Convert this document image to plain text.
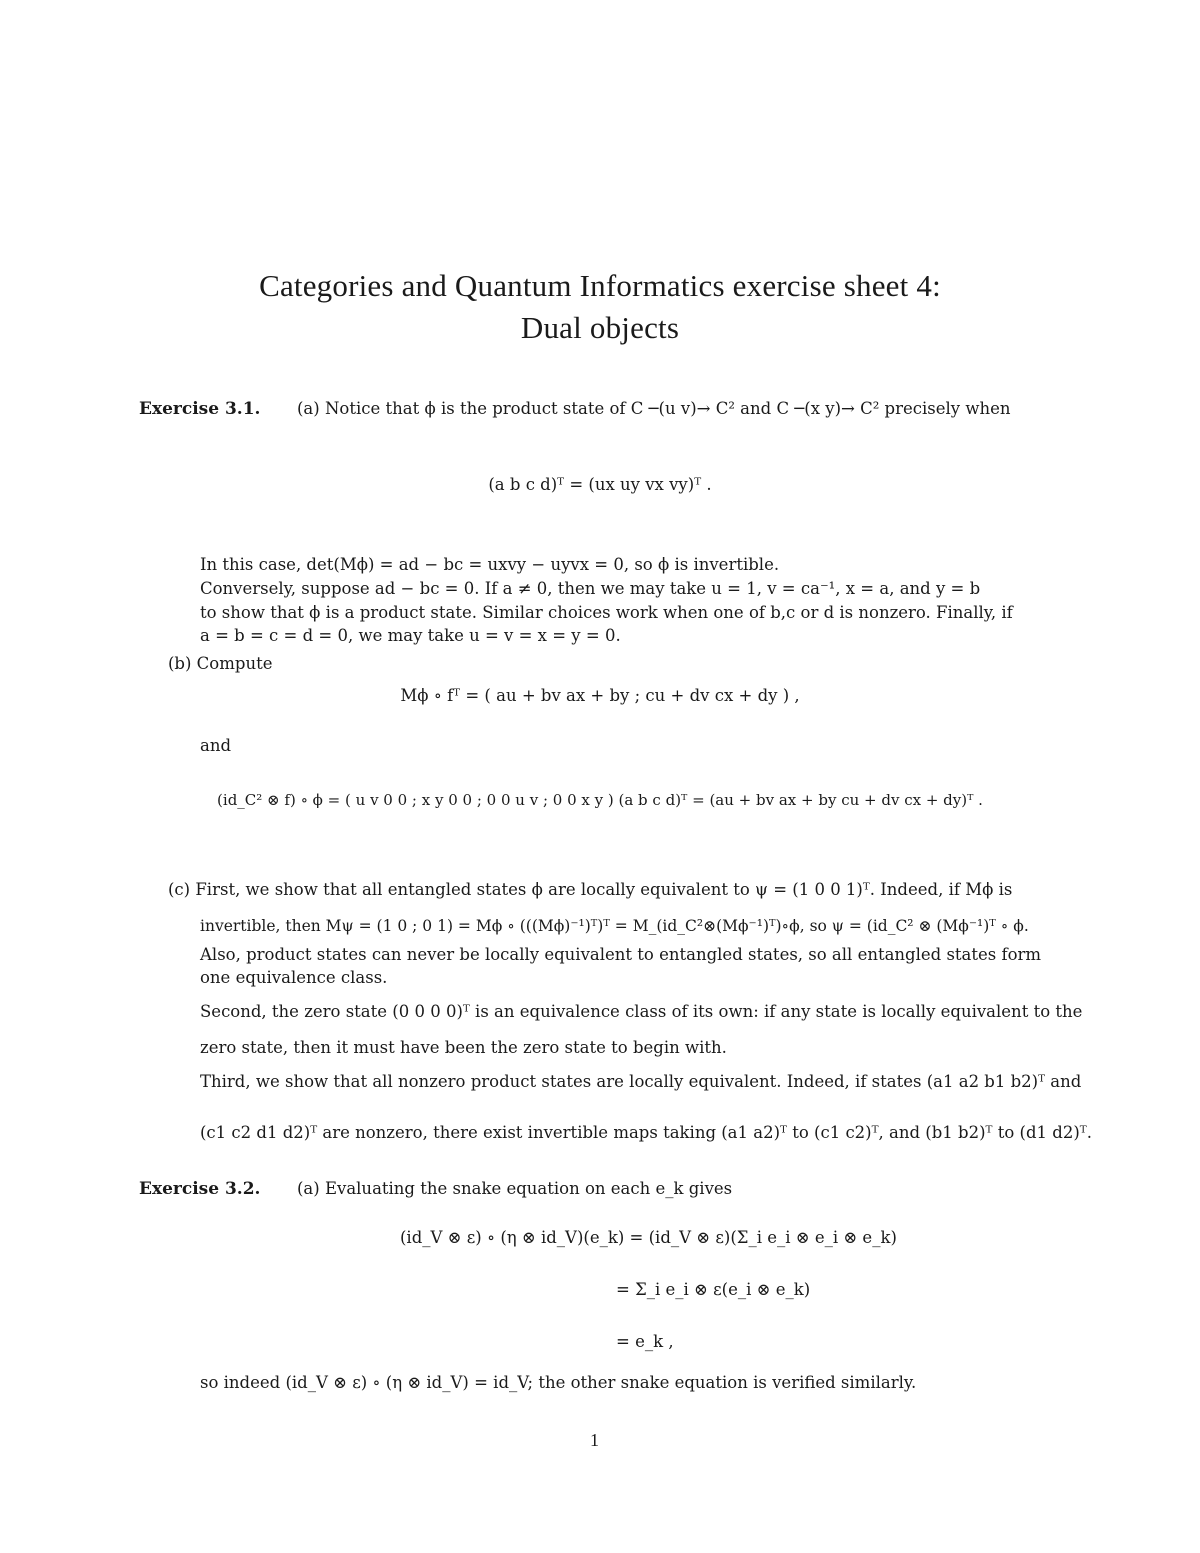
Categories and Quantum Informatics exercise sheet 4:
Dual objects
Exercise 3.1. (a) Notice that ϕ is the product state of C ─(u v)→ C² and C ─(x y)→ C² precisely when
(a b c d)ᵀ = (ux uy vx vy)ᵀ .
In this case, det(Mϕ) = ad − bc = uxvy − uyvx = 0, so ϕ is invertible.
Conversely, suppose ad − bc = 0. If a ≠ 0, then we may take u = 1, v = ca⁻¹, x = a, and y = b
to show that ϕ is a product state. Similar choices work when one of b,c or d is nonzero. Finally, if
a = b = c = d = 0, we may take u = v = x = y = 0.
(b) Compute
Mϕ ∘ fᵀ = ( au + bv ax + by ; cu + dv cx + dy ) ,
and
(id_C² ⊗ f) ∘ ϕ = ( u v 0 0 ; x y 0 0 ; 0 0 u v ; 0 0 x y ) (a b c d)ᵀ = (au + bv ax + by cu + dv cx + dy)ᵀ .
(c) First, we show that all entangled states ϕ are locally equivalent to ψ = (1 0 0 1)ᵀ. Indeed, if Mϕ is
invertible, then Mψ = (1 0 ; 0 1) = Mϕ ∘ (((Mϕ)⁻¹)ᵀ)ᵀ = M_(id_C²⊗(Mϕ⁻¹)ᵀ)∘ϕ, so ψ = (id_C² ⊗ (Mϕ⁻¹)ᵀ ∘ ϕ.
Also, product states can never be locally equivalent to entangled states, so all entangled states form
one equivalence class.
Second, the zero state (0 0 0 0)ᵀ is an equivalence class of its own: if any state is locally equivalent to the
zero state, then it must have been the zero state to begin with.
Third, we show that all nonzero product states are locally equivalent. Indeed, if states (a1 a2 b1 b2)ᵀ and
(c1 c2 d1 d2)ᵀ are nonzero, there exist invertible maps taking (a1 a2)ᵀ to (c1 c2)ᵀ, and (b1 b2)ᵀ to (d1 d2)ᵀ.
Exercise 3.2. (a) Evaluating the snake equation on each e_k gives
(id_V ⊗ ε) ∘ (η ⊗ id_V)(e_k) = (id_V ⊗ ε)(Σ_i e_i ⊗ e_i ⊗ e_k)
= Σ_i e_i ⊗ ε(e_i ⊗ e_k)
= e_k ,
so indeed (id_V ⊗ ε) ∘ (η ⊗ id_V) = id_V; the other snake equation is verified similarly.
1
